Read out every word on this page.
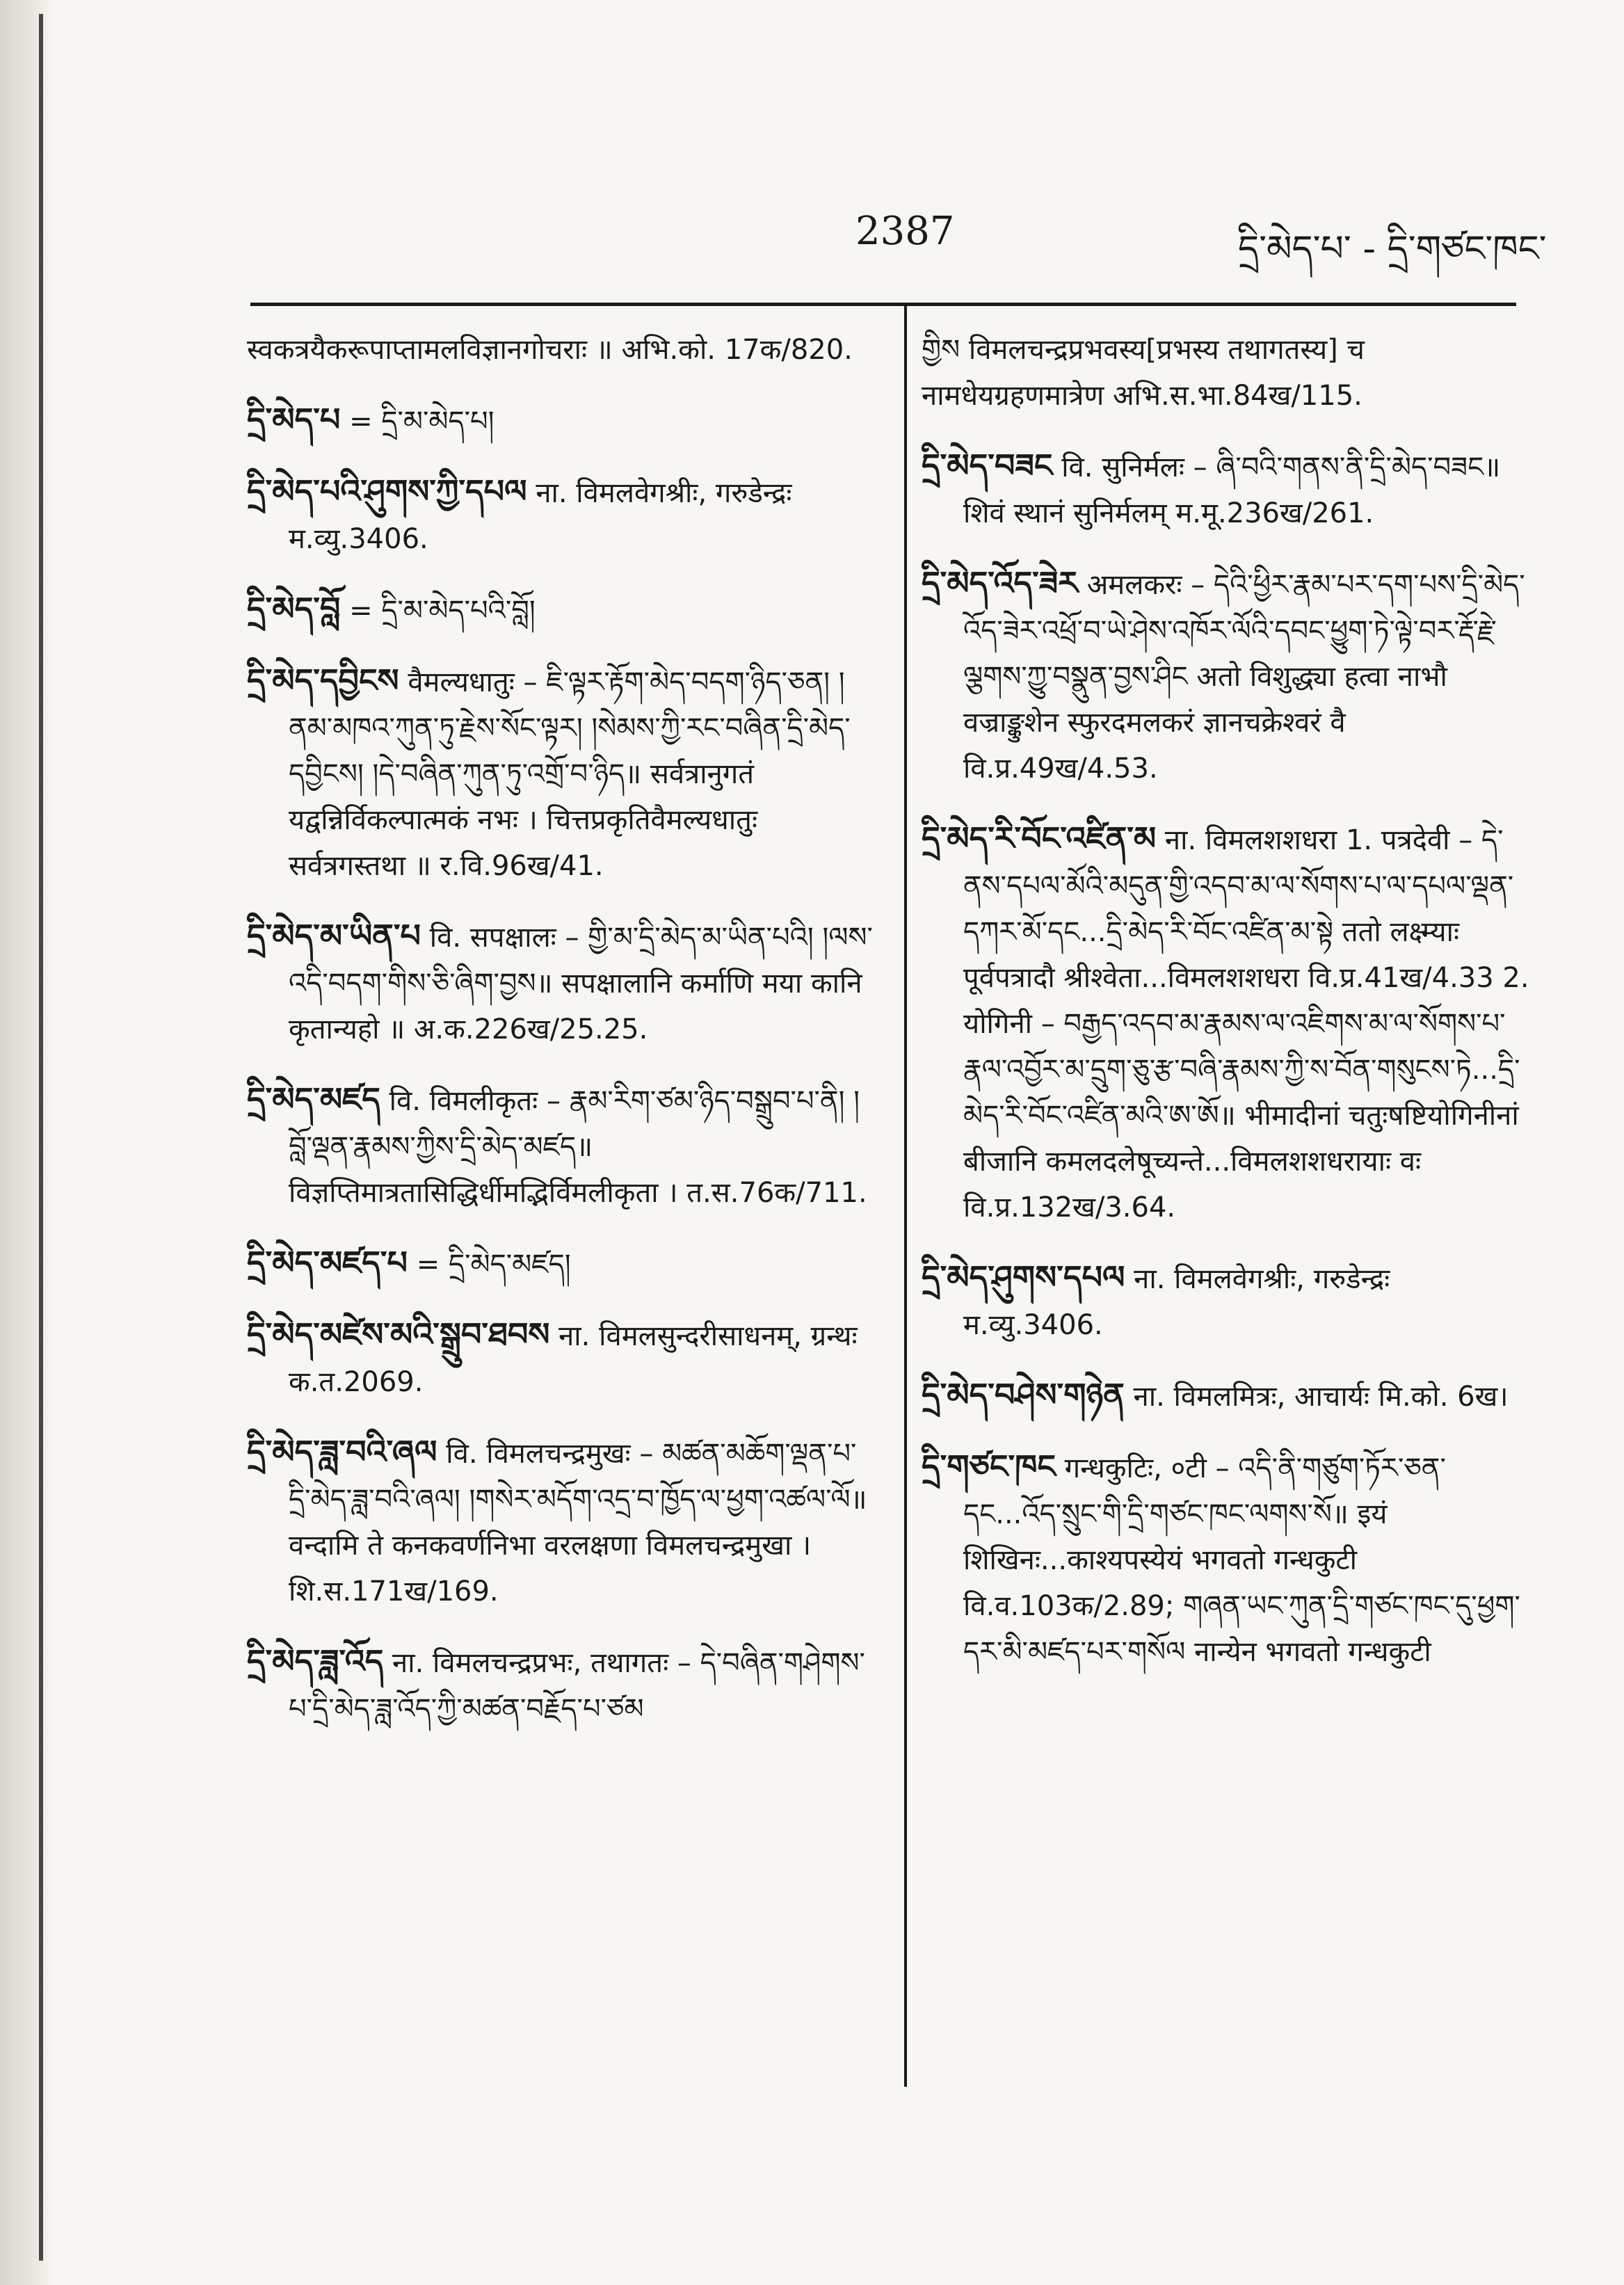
2387	དྲི་མེད་པ་ - དྲི་གཙང་ཁང་
स्वकत्रयैकरूपाप्तामलविज्ञानगोचराः ॥ अभि.को. 17क/820.
དྲི་མེད་པ = དྲི་མ་མེད་པ།
དྲི་མེད་པའི་ཤུགས་ཀྱི་དཔལ ना. विमलवेगश्रीः, गरुडेन्द्रः म.व्यु.3406.
དྲི་མེད་བློ = དྲི་མ་མེད་པའི་བློ།
དྲི་མེད་དབྱིངས वैमल्यधातुः – ཇི་ལྟར་རྟོག་མེད་བདག་ཉིད་ཅན། །ནམ་མཁའ་ཀུན་ཏུ་རྗེས་སོང་ལྟར། །སེམས་ཀྱི་རང་བཞིན་དྲི་མེད་དབྱིངས། །དེ་བཞིན་ཀུན་ཏུ་འགྲོ་བ་ཉིད॥ सर्वत्रानुगतं यद्वन्निर्विकल्पात्मकं नभः । चित्तप्रकृतिवैमल्यधातुः सर्वत्रगस्तथा ॥ र.वि.96ख/41.
དྲི་མེད་མ་ཡིན་པ वि. सपक्षालः – གྱི་མ་དྲི་མེད་མ་ཡིན་པའི། །ལས་འདི་བདག་གིས་ཅི་ཞིག་བྱས॥ सपक्षालानि कर्माणि मया कानि कृतान्यहो ॥ अ.क.226ख/25.25.
དྲི་མེད་མཛད वि. विमलीकृतः – རྣམ་རིག་ཙམ་ཉིད་བསྒྲུབ་པ་ནི། །བློ་ལྡན་རྣམས་ཀྱིས་དྲི་མེད་མཛད॥ विज्ञप्तिमात्रतासिद्धिर्धीमद्भिर्विमलीकृता । त.स.76क/711.
དྲི་མེད་མཛད་པ = དྲི་མེད་མཛད།
དྲི་མེད་མཛེས་མའི་སྒྲུབ་ཐབས ना. विमलसुन्दरीसाधनम्, ग्रन्थः क.त.2069.
དྲི་མེད་ཟླ་བའི་ཞལ वि. विमलचन्द्रमुखः – མཚན་མཆོག་ལྡན་པ་དྲི་མེད་ཟླ་བའི་ཞལ། །གསེར་མདོག་འདྲ་བ་ཁྱོད་ལ་ཕྱག་འཚལ་ལོ॥ वन्दामि ते कनकवर्णनिभा वरलक्षणा विमलचन्द्रमुखा । शि.स.171ख/169.
དྲི་མེད་ཟླ་འོད ना. विमलचन्द्रप्रभः, तथागतः – དེ་བཞིན་གཤེགས་པ་དྲི་མེད་ཟླ་འོད་ཀྱི་མཚན་བརྗོད་པ་ཙམ
གྱིས विमलचन्द्रप्रभवस्य[प्रभस्य तथागतस्य] च नामधेयग्रहणमात्रेण अभि.स.भा.84ख/115.
དྲི་མེད་བཟང वि. सुनिर्मलः – ཞི་བའི་གནས་ནི་དྲི་མེད་བཟང॥ शिवं स्थानं सुनिर्मलम् म.मू.236ख/261.
དྲི་མེད་འོད་ཟེར अमलकरः – དེའི་ཕྱིར་རྣམ་པར་དག་པས་དྲི་མེད་འོད་ཟེར་འཕྲོ་བ་ཡེ་ཤེས་འཁོར་ལོའི་དབང་ཕྱུག་ཏེ་ལྟེ་བར་རྡོ་རྗེ་ལྕགས་ཀྱུ་བསྣུན་བྱས་ཤིང अतो विशुद्ध्या हत्वा नाभौ वज्राङ्कुशेन स्फुरदमलकरं ज्ञानचक्रेश्वरं वै वि.प्र.49ख/4.53.
དྲི་མེད་རི་བོང་འཛིན་མ ना. विमलशशधरा 1. पत्रदेवी – དེ་ནས་དཔལ་མོའི་མདུན་གྱི་འདབ་མ་ལ་སོགས་པ་ལ་དཔལ་ལྡན་དཀར་མོ་དང...དྲི་མེད་རི་བོང་འཛིན་མ་སྟེ ततो लक्ष्म्याः पूर्वपत्रादौ श्रीश्वेता...विमलशशधरा वि.प्र.41ख/4.33 2. योगिनी – བརྒྱད་འདབ་མ་རྣམས་ལ་འཇིགས་མ་ལ་སོགས་པ་རྣལ་འབྱོར་མ་དྲུག་ཅུ་རྩ་བཞི་རྣམས་ཀྱི་ས་བོན་གསུངས་ཏེ...དྲི་མེད་རི་བོང་འཛིན་མའི་ཨ་ཨོ॥ भीमादीनां चतुःषष्टियोगिनीनां बीजानि कमलदलेषूच्यन्ते...विमलशशधरायाः वः वि.प्र.132ख/3.64.
དྲི་མེད་ཤུགས་དཔལ ना. विमलवेगश्रीः, गरुडेन्द्रः म.व्यु.3406.
དྲི་མེད་བཤེས་གཉེན ना. विमलमित्रः, आचार्यः मि.को. 6ख।
དྲི་གཙང་ཁང गन्धकुटिः, ०टी – འདི་ནི་གཙུག་ཏོར་ཅན་དང...འོད་སྲུང་གི་དྲི་གཙང་ཁང་ལགས་སོ॥ इयं शिखिनः...काश्यपस्येयं भगवतो गन्धकुटी वि.व.103क/2.89; གཞན་ཡང་ཀུན་དྲི་གཙང་ཁང་དུ་ཕྱག་དར་མི་མཛད་པར་གསོལ नान्येन भगवतो गन्धकुटी
